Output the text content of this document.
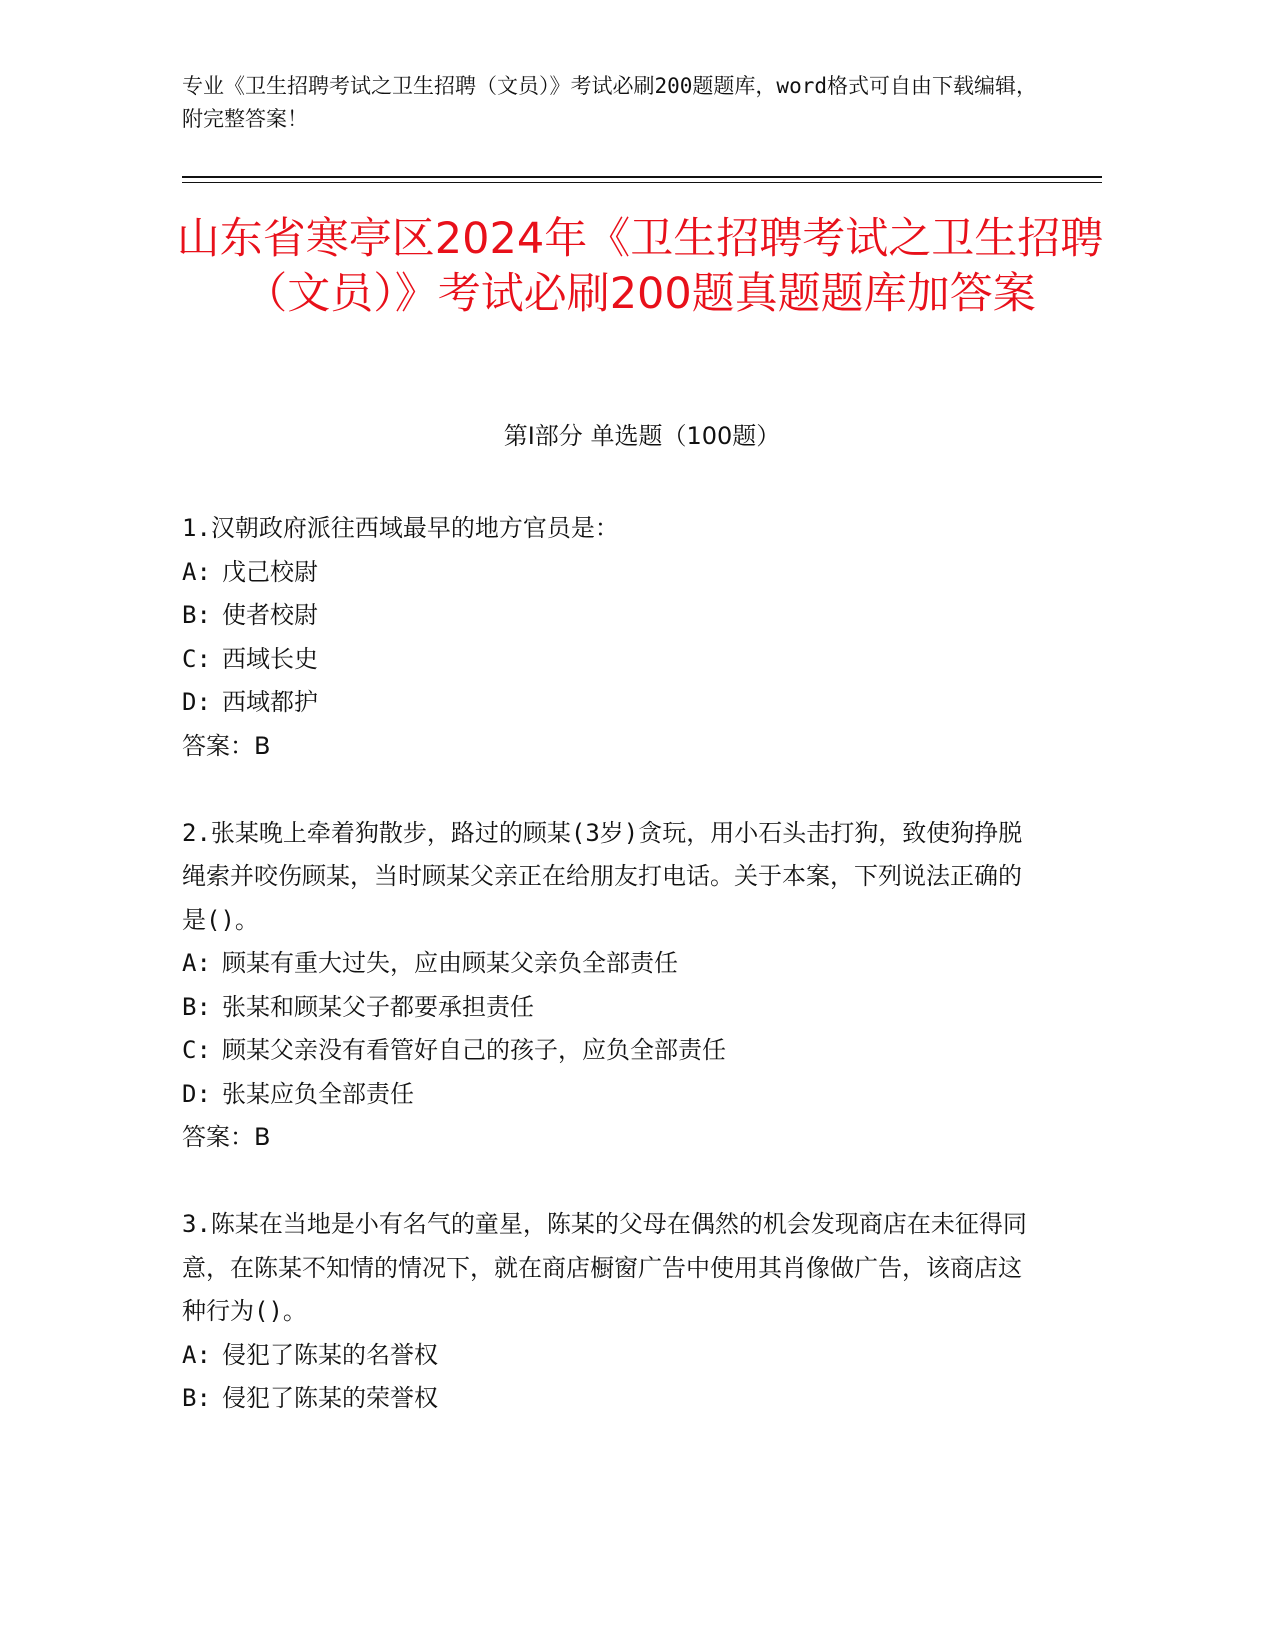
专业《卫生招聘考试之卫生招聘（文员）》考试必刷200题题库，word格式可自由下载编辑，附完整答案！
山东省寒亭区2024年《卫生招聘考试之卫生招聘（文员）》考试必刷200题真题题库加答案
第Ⅰ部分 单选题（100题）

1.汉朝政府派往西域最早的地方官员是：

A: 戊己校尉

B: 使者校尉

C: 西域长史

D: 西域都护

答案：B

2.张某晚上牵着狗散步，路过的顾某(3岁)贪玩，用小石头击打狗，致使狗挣脱绳索并咬伤顾某，当时顾某父亲正在给朋友打电话。关于本案，下列说法正确的是()。

A: 顾某有重大过失，应由顾某父亲负全部责任

B: 张某和顾某父子都要承担责任

C: 顾某父亲没有看管好自己的孩子，应负全部责任

D: 张某应负全部责任

答案：B

3.陈某在当地是小有名气的童星，陈某的父母在偶然的机会发现商店在未征得同意，在陈某不知情的情况下，就在商店橱窗广告中使用其肖像做广告，该商店这种行为()。

A: 侵犯了陈某的名誉权

B: 侵犯了陈某的荣誉权
